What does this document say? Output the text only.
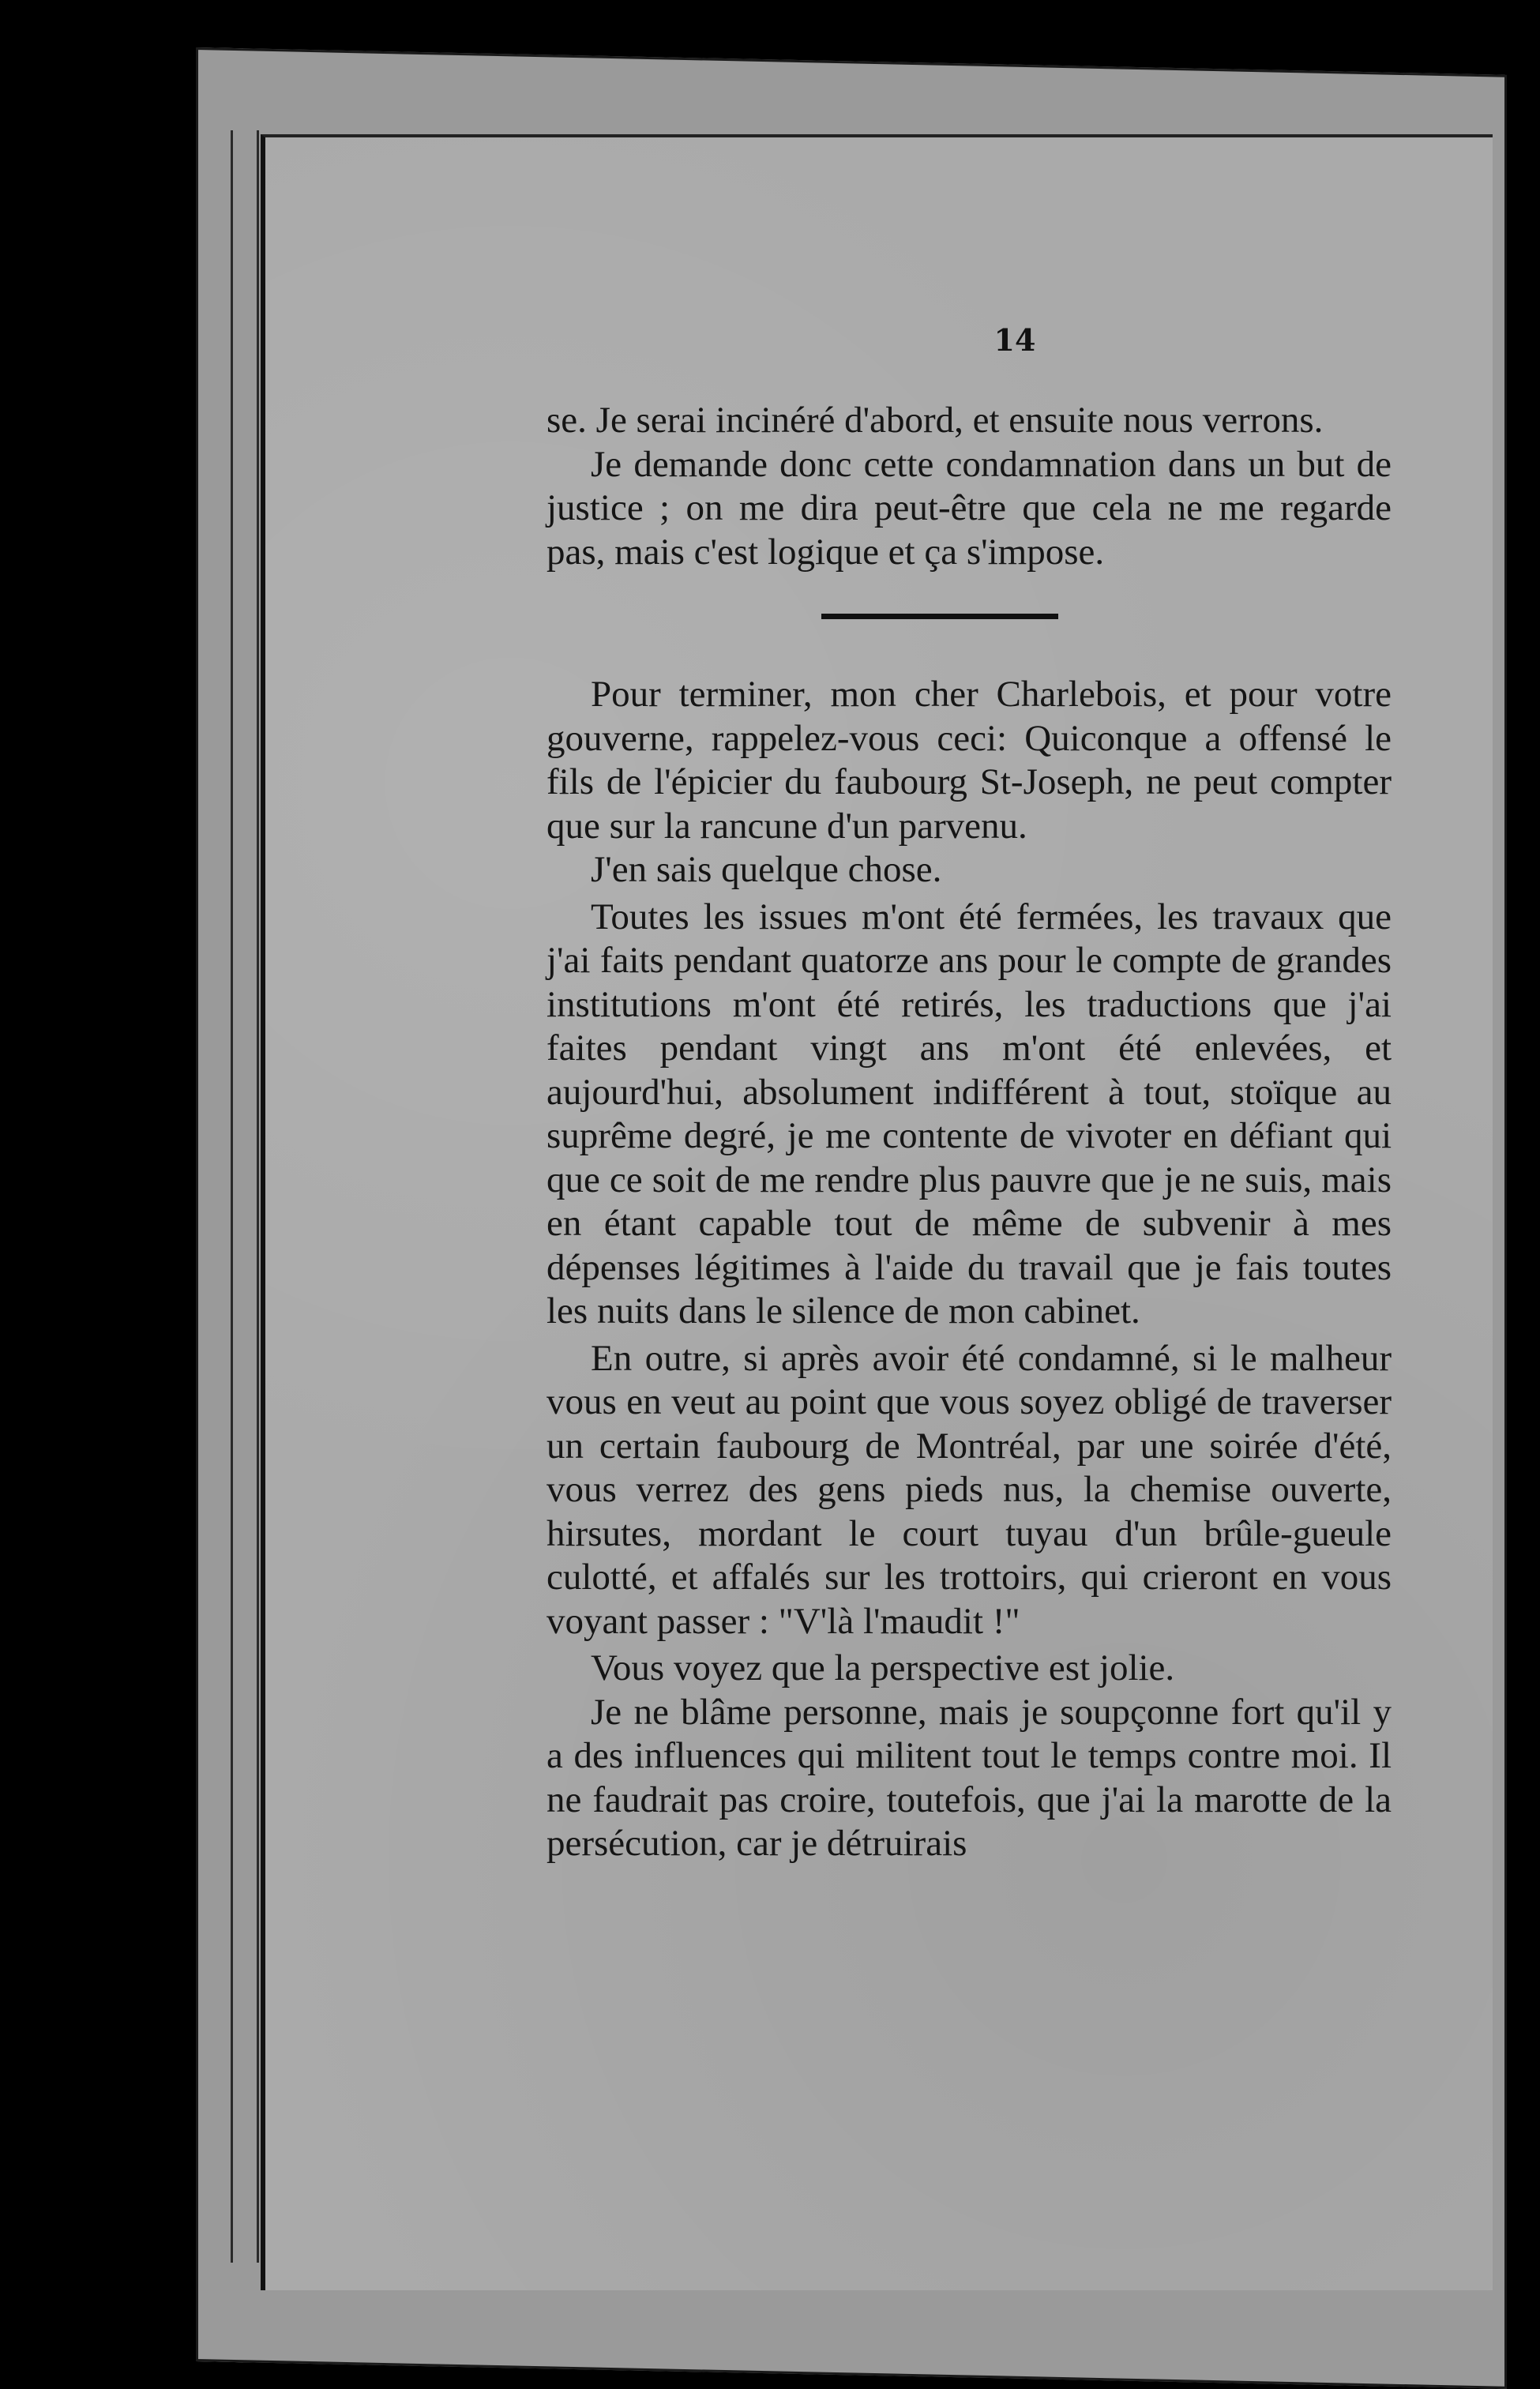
14

se. Je serai incinéré d'abord, et ensuite nous verrons.

Je demande donc cette condamnation dans un but de justice ; on me dira peut-être que cela ne me regarde pas, mais c'est logique et ça s'impose.

Pour terminer, mon cher Charlebois, et pour votre gouverne, rappelez-vous ceci: Quiconque a offensé le fils de l'épicier du faubourg St-Joseph, ne peut compter que sur la rancune d'un parvenu.

J'en sais quelque chose.

Toutes les issues m'ont été fermées, les travaux que j'ai faits pendant quatorze ans pour le compte de grandes institutions m'ont été retirés, les traductions que j'ai faites pendant vingt ans m'ont été enlevées, et aujourd'hui, absolument indifférent à tout, stoïque au suprême degré, je me contente de vivoter en défiant qui que ce soit de me rendre plus pauvre que je ne suis, mais en étant capable tout de même de subvenir à mes dépenses légitimes à l'aide du travail que je fais toutes les nuits dans le silence de mon cabinet.

En outre, si après avoir été condamné, si le malheur vous en veut au point que vous soyez obligé de traverser un certain faubourg de Montréal, par une soirée d'été, vous verrez des gens pieds nus, la chemise ouverte, hirsutes, mordant le court tuyau d'un brûle-gueule culotté, et affalés sur les trottoirs, qui crieront en vous voyant passer : "V'là l'maudit !"

Vous voyez que la perspective est jolie.

Je ne blâme personne, mais je soupçonne fort qu'il y a des influences qui militent tout le temps contre moi. Il ne faudrait pas croire, toutefois, que j'ai la marotte de la persécution, car je détruirais
